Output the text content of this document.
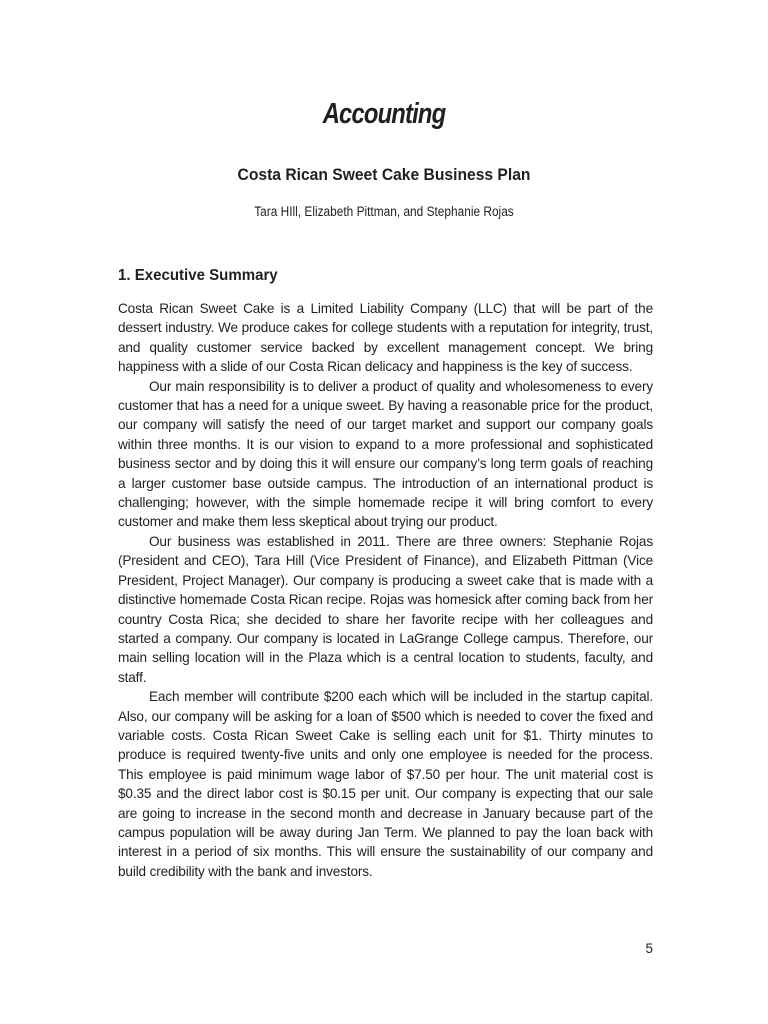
Accounting
Costa Rican Sweet Cake Business Plan
Tara HIll, Elizabeth Pittman, and Stephanie Rojas
1. Executive Summary

Costa Rican Sweet Cake is a Limited Liability Company (LLC) that will be part of the dessert industry. We produce cakes for college students with a reputation for integrity, trust, and quality customer service backed by excellent management concept. We bring happiness with a slide of our Costa Rican delicacy and happiness is the key of success.

Our main responsibility is to deliver a product of quality and wholesomeness to every customer that has a need for a unique sweet. By having a reasonable price for the product, our company will satisfy the need of our target market and support our company goals within three months. It is our vision to expand to a more professional and sophisticated business sector and by doing this it will ensure our company’s long term goals of reaching a larger customer base outside campus. The introduction of an international product is challenging; however, with the simple homemade recipe it will bring comfort to every customer and make them less skeptical about trying our product.

Our business was established in 2011. There are three owners: Stephanie Rojas (President and CEO), Tara Hill (Vice President of Finance), and Elizabeth Pittman (Vice President, Project Manager). Our company is producing a sweet cake that is made with a distinctive homemade Costa Rican recipe. Rojas was homesick after coming back from her country Costa Rica; she decided to share her favorite recipe with her colleagues and started a company. Our company is located in LaGrange College campus. Therefore, our main selling location will in the Plaza which is a central location to students, faculty, and staff.

Each member will contribute $200 each which will be included in the startup capital. Also, our company will be asking for a loan of $500 which is needed to cover the fixed and variable costs. Costa Rican Sweet Cake is selling each unit for $1. Thirty minutes to produce is required twenty-five units and only one employee is needed for the process. This employee is paid minimum wage labor of $7.50 per hour. The unit material cost is $0.35 and the direct labor cost is $0.15 per unit. Our company is expecting that our sale are going to increase in the second month and decrease in January because part of the campus population will be away during Jan Term. We planned to pay the loan back with interest in a period of six months. This will ensure the sustainability of our company and build credibility with the bank and investors.

5
